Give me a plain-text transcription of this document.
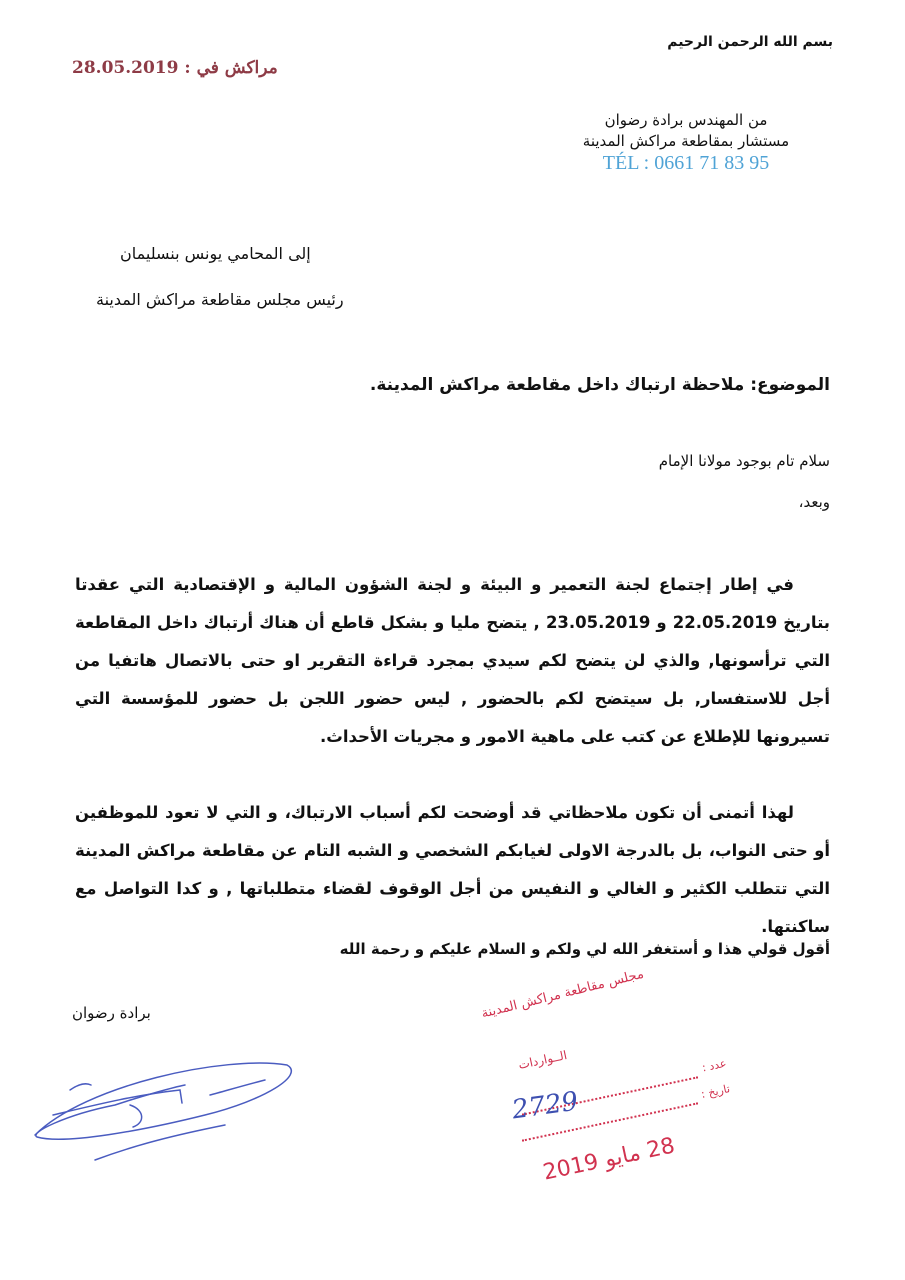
بسم الله الرحمن الرحيم
مراكش في : 28.05.2019
من المهندس برادة رضوان
مستشار بمقاطعة مراكش المدينة
TÉL : 0661 71 83 95
إلى المحامي يونس بنسليمان
رئيس مجلس مقاطعة مراكش المدينة
الموضوع: ملاحظة ارتباك داخل مقاطعة مراكش المدينة.
سلام تام بوجود مولانا الإمام
وبعد،
في إطار إجتماع لجنة التعمير و البيئة و لجنة الشؤون المالية و الإقتصادية التي عقدتا بتاريخ 22.05.2019 و 23.05.2019 , يتضح مليا و بشكل قاطع أن هناك أرتباك داخل المقاطعة التي ترأسونها, والذي لن يتضح لكم سيدي بمجرد قراءة التقرير او حتى بالاتصال هاتفيا من أجل للاستفسار, بل سيتضح لكم بالحضور , ليس حضور اللجن بل حضور للمؤسسة التي تسيرونها للإطلاع عن كتب على ماهية الامور و مجريات الأحداث.
لهذا أتمنى أن تكون ملاحظاتي قد أوضحت لكم أسباب الارتباك، و التي لا تعود للموظفين أو حتى النواب، بل بالدرجة الاولى لغيابكم الشخصي و الشبه التام عن مقاطعة مراكش المدينة التي تتطلب الكثير و الغالي و النفيس من أجل الوقوف لقضاء متطلباتها , و كدا التواصل مع ساكنتها.
أقول قولي هذا و أستغفر الله لي ولكم و السلام عليكم و رحمة الله
برادة رضوان	مجلس مقاطعة مراكش المدينة
الــواردات	عدد :
تاريخ :
2729
28 مايو 2019
